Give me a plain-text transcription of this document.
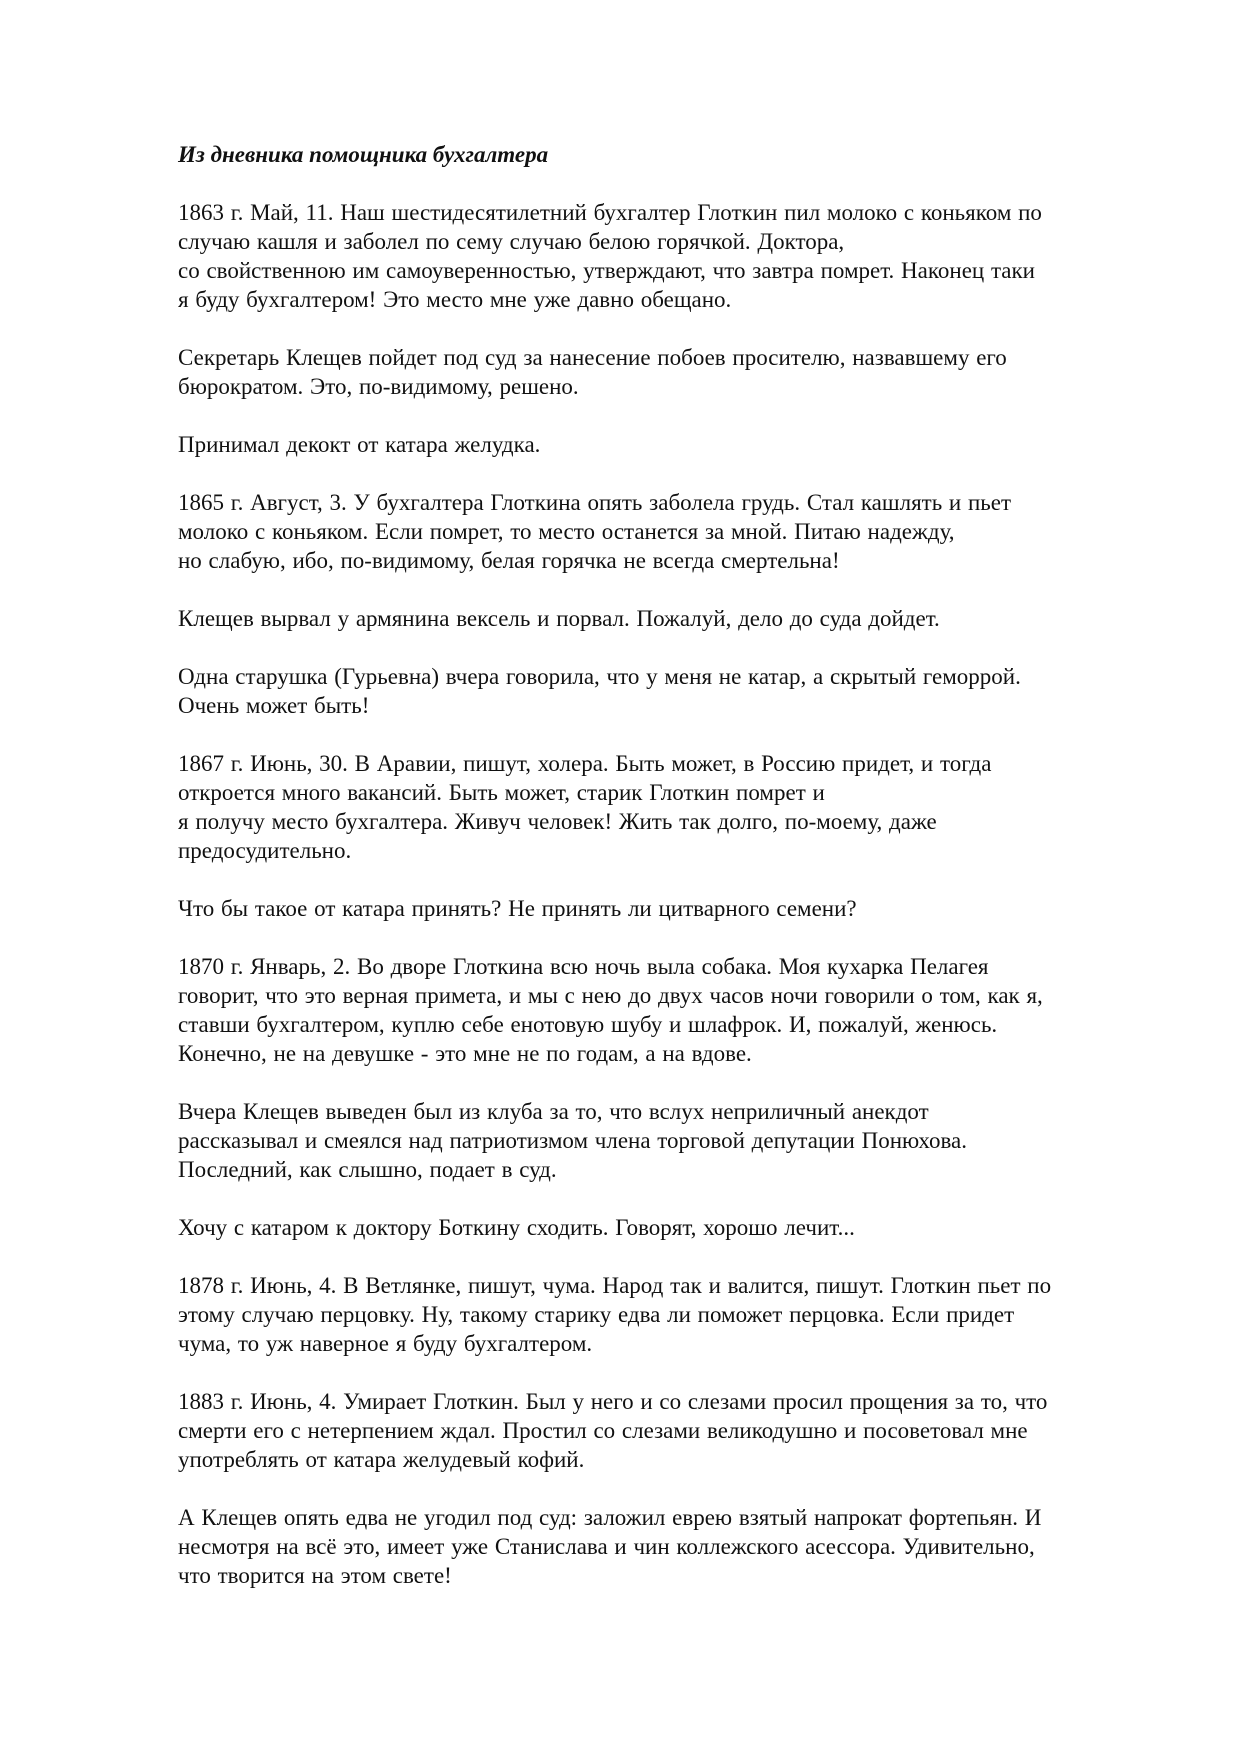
Из дневника помощника бухгалтера
1863 г. Май, 11. Наш шестидесятилетний бухгалтер Глоткин пил молоко с коньяком по
случаю кашля и заболел по сему случаю белою горячкой. Доктора,
со свойственною им самоуверенностью, утверждают, что завтра помрет. Наконец таки
я буду бухгалтером! Это место мне уже давно обещано.
Секретарь Клещев пойдет под суд за нанесение побоев просителю, назвавшему его
бюрократом. Это, по-видимому, решено.
Принимал декокт от катара желудка.
1865 г. Август, 3. У бухгалтера Глоткина опять заболела грудь. Стал кашлять и пьет
молоко с коньяком. Если помрет, то место останется за мной. Питаю надежду,
но слабую, ибо, по-видимому, белая горячка не всегда смертельна!
Клещев вырвал у армянина вексель и порвал. Пожалуй, дело до суда дойдет.
Одна старушка (Гурьевна) вчера говорила, что у меня не катар, а скрытый геморрой.
Очень может быть!
1867 г. Июнь, 30. В Аравии, пишут, холера. Быть может, в Россию придет, и тогда
откроется много вакансий. Быть может, старик Глоткин помрет и
я получу место бухгалтера. Живуч человек! Жить так долго, по-моему, даже
предосудительно.
Что бы такое от катара принять? Не принять ли цитварного семени?
1870 г. Январь, 2. Во дворе Глоткина всю ночь выла собака. Моя кухарка Пелагея
говорит, что это верная примета, и мы с нею до двух часов ночи говорили о том, как я,
ставши бухгалтером, куплю себе енотовую шубу и шлафрок. И, пожалуй, женюсь.
Конечно, не на девушке - это мне не по годам, а на вдове.
Вчера Клещев выведен был из клуба за то, что вслух неприличный анекдот
рассказывал и смеялся над патриотизмом члена торговой депутации Понюхова.
Последний, как слышно, подает в суд.
Хочу с катаром к доктору Боткину сходить. Говорят, хорошо лечит...
1878 г. Июнь, 4. В Ветлянке, пишут, чума. Народ так и валится, пишут. Глоткин пьет по
этому случаю перцовку. Ну, такому старику едва ли поможет перцовка. Если придет
чума, то уж наверное я буду бухгалтером.
1883 г. Июнь, 4. Умирает Глоткин. Был у него и со слезами просил прощения за то, что
смерти его с нетерпением ждал. Простил со слезами великодушно и посоветовал мне
употреблять от катара желудевый кофий.
А Клещев опять едва не угодил под суд: заложил еврею взятый напрокат фортепьян. И
несмотря на всё это, имеет уже Станислава и чин коллежского асессора. Удивительно,
что творится на этом свете!
